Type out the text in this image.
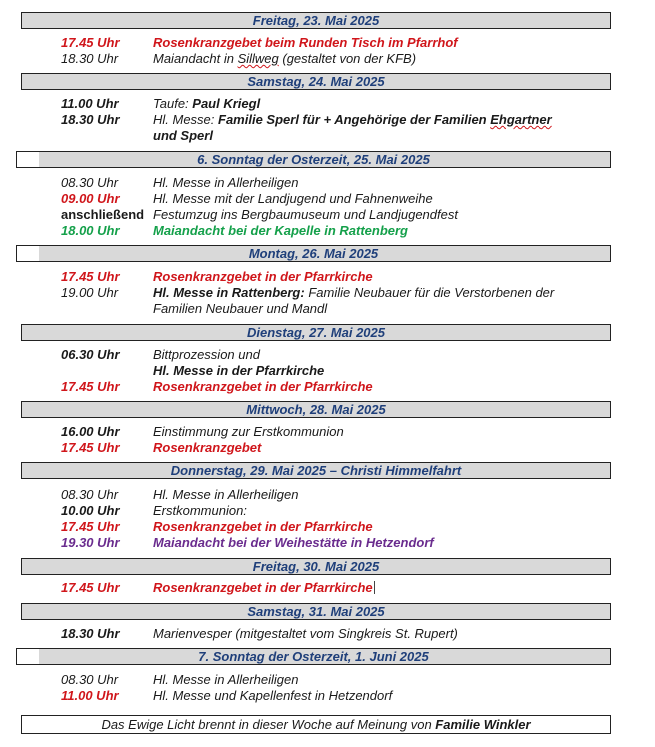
Freitag, 23. Mai 2025
17.45 Uhr	Rosenkranzgebet beim Runden Tisch im Pfarrhof
18.30 Uhr	Maiandacht in Sillweg (gestaltet von der KFB)
Samstag, 24. Mai 2025
11.00 Uhr	Taufe: Paul Kriegl
18.30 Uhr	Hl. Messe: Familie Sperl für + Angehörige der Familien Ehgartner
und Sperl
6. Sonntag der Osterzeit, 25. Mai 2025
08.30 Uhr	Hl. Messe in Allerheiligen
09.00 Uhr	Hl. Messe mit der Landjugend und Fahnenweihe
anschließend Festumzug ins Bergbaumuseum und Landjugendfest
18.00 Uhr	Maiandacht bei der Kapelle in Rattenberg
Montag, 26. Mai 2025
17.45 Uhr	Rosenkranzgebet in der Pfarrkirche
19.00 Uhr	Hl. Messe in Rattenberg: Familie Neubauer für die Verstorbenen der
Familien Neubauer und Mandl
Dienstag, 27. Mai 2025
06.30 Uhr	Bittprozession und
Hl. Messe in der Pfarrkirche
17.45 Uhr	Rosenkranzgebet in der Pfarrkirche
Mittwoch, 28. Mai 2025
16.00 Uhr	Einstimmung zur Erstkommunion
17.45 Uhr	Rosenkranzgebet
Donnerstag, 29. Mai 2025 – Christi Himmelfahrt
08.30 Uhr	Hl. Messe in Allerheiligen
10.00 Uhr	Erstkommunion:
17.45 Uhr	Rosenkranzgebet in der Pfarrkirche
19.30 Uhr	Maiandacht bei der Weihestätte in Hetzendorf
Freitag, 30. Mai 2025
17.45 Uhr	Rosenkranzgebet in der Pfarrkirche
Samstag, 31. Mai 2025
18.30 Uhr	Marienvesper (mitgestaltet vom Singkreis St. Rupert)
7. Sonntag der Osterzeit, 1. Juni 2025
08.30 Uhr	Hl. Messe in Allerheiligen
11.00 Uhr	Hl. Messe und Kapellenfest in Hetzendorf
Das Ewige Licht brennt in dieser Woche auf Meinung von Familie Winkler
